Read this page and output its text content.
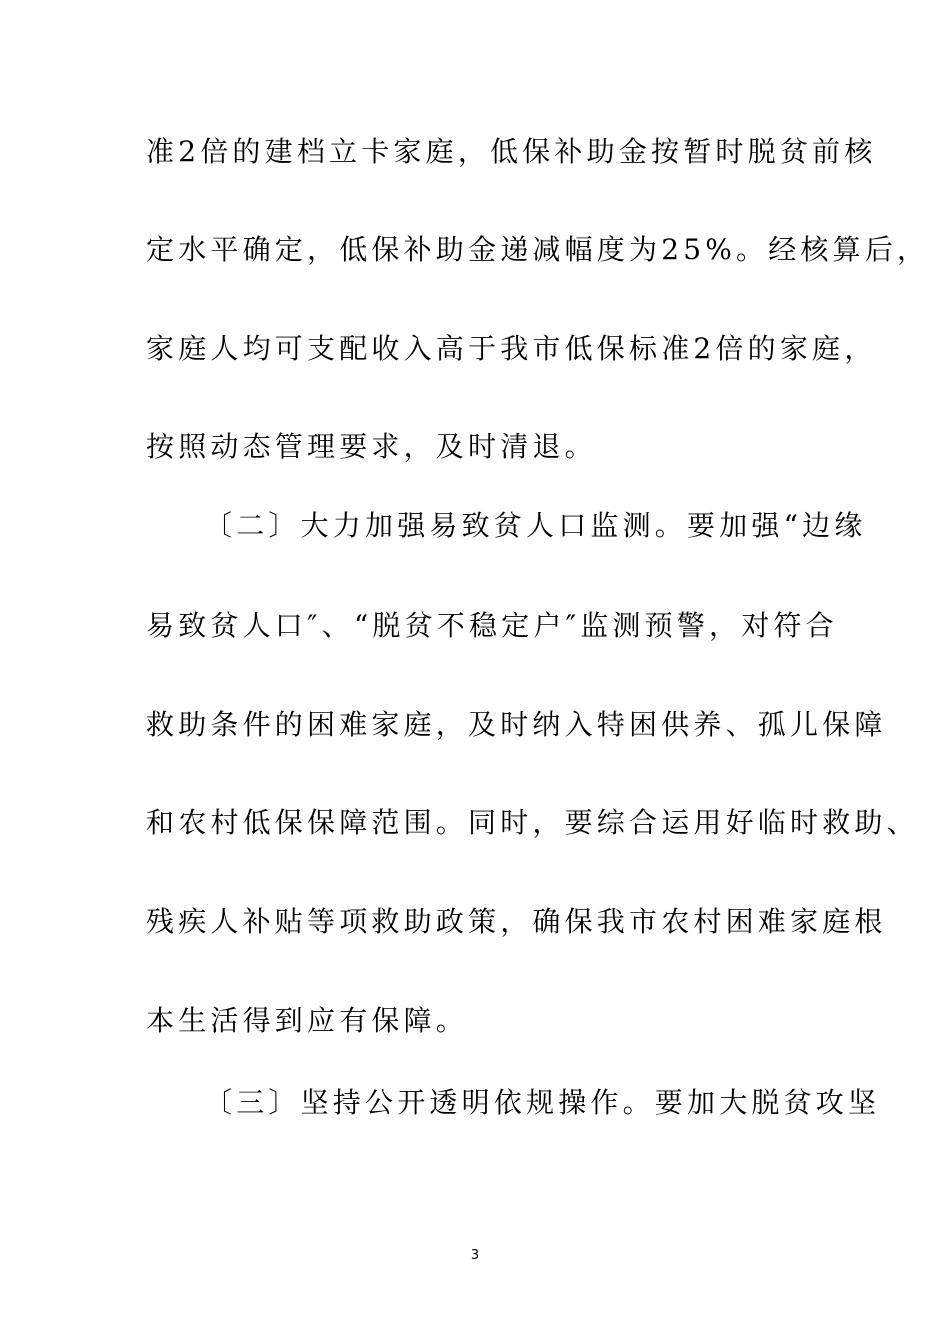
准2倍的建档立卡家庭，低保补助金按暂时脱贫前核
定水平确定，低保补助金递减幅度为25%。经核算后，
家庭人均可支配收入高于我市低保标准2倍的家庭，
按照动态管理要求，及时清退。
〔二〕大力加强易致贫人口监测。要加强“边缘
易致贫人口″、“脱贫不稳定户″监测预警，对符合
救助条件的困难家庭，及时纳入特困供养、孤儿保障
和农村低保保障范围。同时，要综合运用好临时救助、
残疾人补贴等项救助政策，确保我市农村困难家庭根
本生活得到应有保障。
〔三〕坚持公开透明依规操作。要加大脱贫攻坚
3
